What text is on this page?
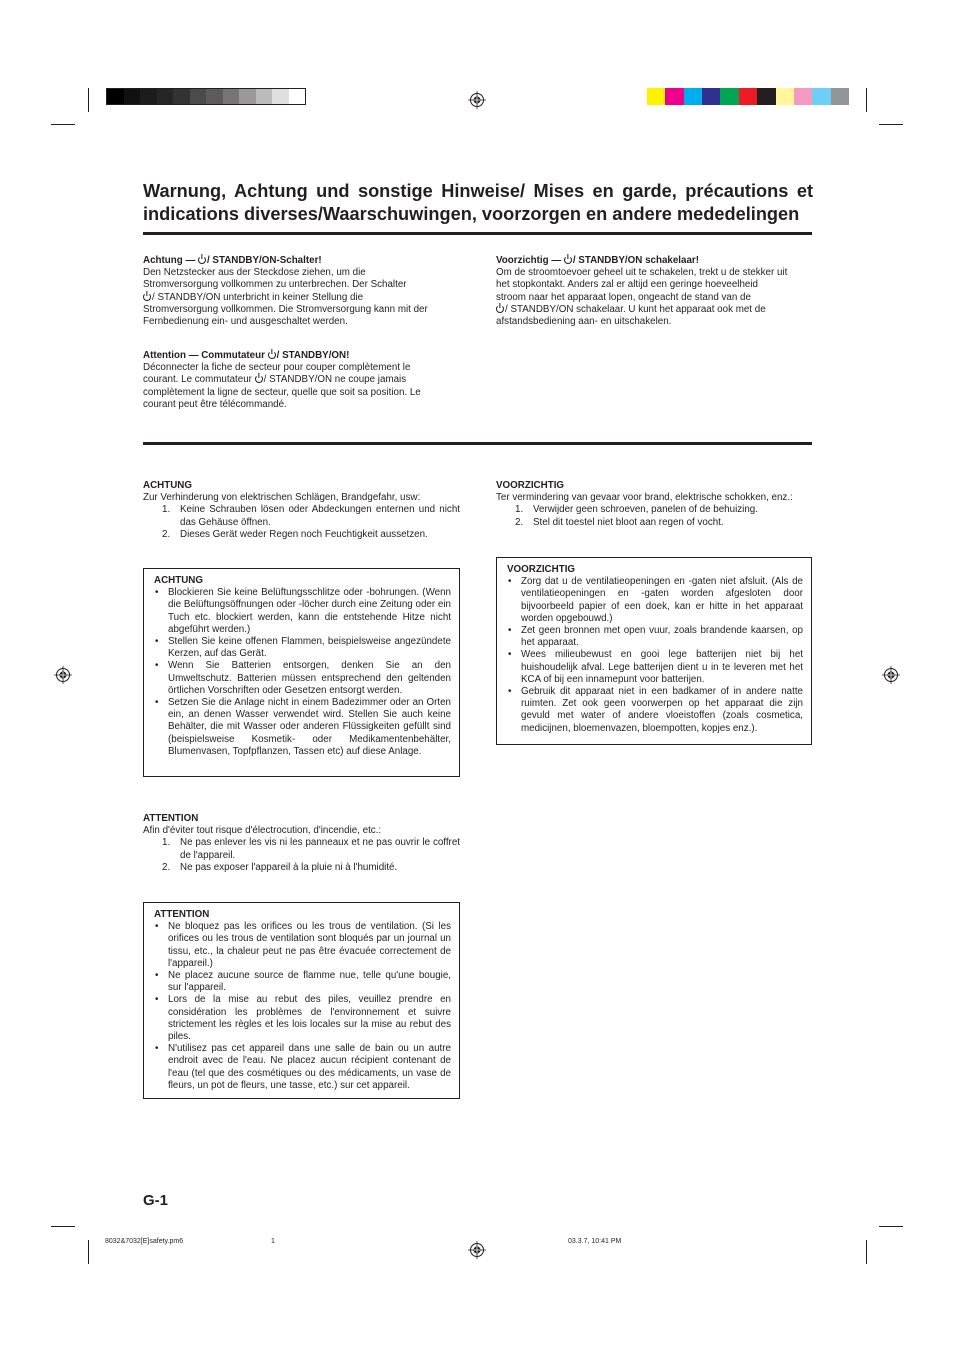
Warnung, Achtung und sonstige Hinweise/ Mises en garde, précautions et indications diverses/Waarschuwingen, voorzorgen en andere mededelingen
Achtung — / STANDBY/ON-Schalter!

Den Netzstecker aus der Steckdose ziehen, um die

Stromversorgung vollkommen zu unterbrechen. Der Schalter

/ STANDBY/ON unterbricht in keiner Stellung die

Stromversorgung vollkommen. Die Stromversorgung kann mit der

Fernbedienung ein- und ausgeschaltet werden.

Attention — Commutateur / STANDBY/ON!

Déconnecter la fiche de secteur pour couper complètement le

courant. Le commutateur / STANDBY/ON ne coupe jamais

complètement la ligne de secteur, quelle que soit sa position. Le

courant peut être télécommandé.

Voorzichtig — / STANDBY/ON schakelaar!

Om de stroomtoevoer geheel uit te schakelen, trekt u de stekker uit

het stopkontakt. Anders zal er altijd een geringe hoeveelheid

stroom naar het apparaat lopen, ongeacht de stand van de

/ STANDBY/ON schakelaar. U kunt het apparaat ook met de

afstandsbediening aan- en uitschakelen.

ACHTUNG

Zur Verhinderung von elektrischen Schlägen, Brandgefahr, usw:

1. Keine Schrauben lösen oder Abdeckungen enternen und nicht das Gehäuse öffnen.
2. Dieses Gerät weder Regen noch Feuchtigkeit aussetzen.
VOORZICHTIG

Ter vermindering van gevaar voor brand, elektrische schokken, enz.:

1. Verwijder geen schroeven, panelen of de behuizing.
2. Stel dit toestel niet bloot aan regen of vocht.
ACHTUNG
• Blockieren Sie keine Belüftungsschlitze oder -bohrungen. (Wenn die Belüftungsöffnungen oder -löcher durch eine Zeitung oder ein Tuch etc. blockiert werden, kann die entstehende Hitze nicht abgeführt werden.)
• Stellen Sie keine offenen Flammen, beispielsweise angezündete Kerzen, auf das Gerät.
• Wenn Sie Batterien entsorgen, denken Sie an den Umweltschutz. Batterien müssen entsprechend den geltenden örtlichen Vorschriften oder Gesetzen entsorgt werden.
• Setzen Sie die Anlage nicht in einem Badezimmer oder an Orten ein, an denen Wasser verwendet wird. Stellen Sie auch keine Behälter, die mit Wasser oder anderen Flüssigkeiten gefüllt sind (beispielsweise Kosmetik- oder Medikamentenbehälter, Blumenvasen, Topfpflanzen, Tassen etc) auf diese Anlage.
VOORZICHTIG
• Zorg dat u de ventilatieopeningen en -gaten niet afsluit. (Als de ventilatieopeningen en -gaten worden afgesloten door bijvoorbeeld papier of een doek, kan er hitte in het apparaat worden opgebouwd.)
• Zet geen bronnen met open vuur, zoals brandende kaarsen, op het apparaat.
• Wees milieubewust en gooi lege batterijen niet bij het huishoudelijk afval. Lege batterijen dient u in te leveren met het KCA of bij een innamepunt voor batterijen.
• Gebruik dit apparaat niet in een badkamer of in andere natte ruimten. Zet ook geen voorwerpen op het apparaat die zijn gevuld met water of andere vloeistoffen (zoals cosmetica, medicijnen, bloemenvazen, bloempotten, kopjes enz.).
ATTENTION

Afin d'éviter tout risque d'électrocution, d'incendie, etc.:

1. Ne pas enlever les vis ni les panneaux et ne pas ouvrir le coffret de l'appareil.
2. Ne pas exposer l'appareil à la pluie ni à l'humidité.
ATTENTION
• Ne bloquez pas les orifices ou les trous de ventilation. (Si les orifices ou les trous de ventilation sont bloqués par un journal un tissu, etc., la chaleur peut ne pas être évacuée correctement de l'appareil.)
• Ne placez aucune source de flamme nue, telle qu'une bougie, sur l'appareil.
• Lors de la mise au rebut des piles, veuillez prendre en considération les problèmes de l'environnement et suivre strictement les règles et les lois locales sur la mise au rebut des piles.
• N'utilisez pas cet appareil dans une salle de bain ou un autre endroit avec de l'eau. Ne placez aucun récipient contenant de l'eau (tel que des cosmétiques ou des médicaments, un vase de fleurs, un pot de fleurs, une tasse, etc.) sur cet appareil.
G-1
8032&7032[E]safety.pm6	1	03.3.7, 10:41 PM
